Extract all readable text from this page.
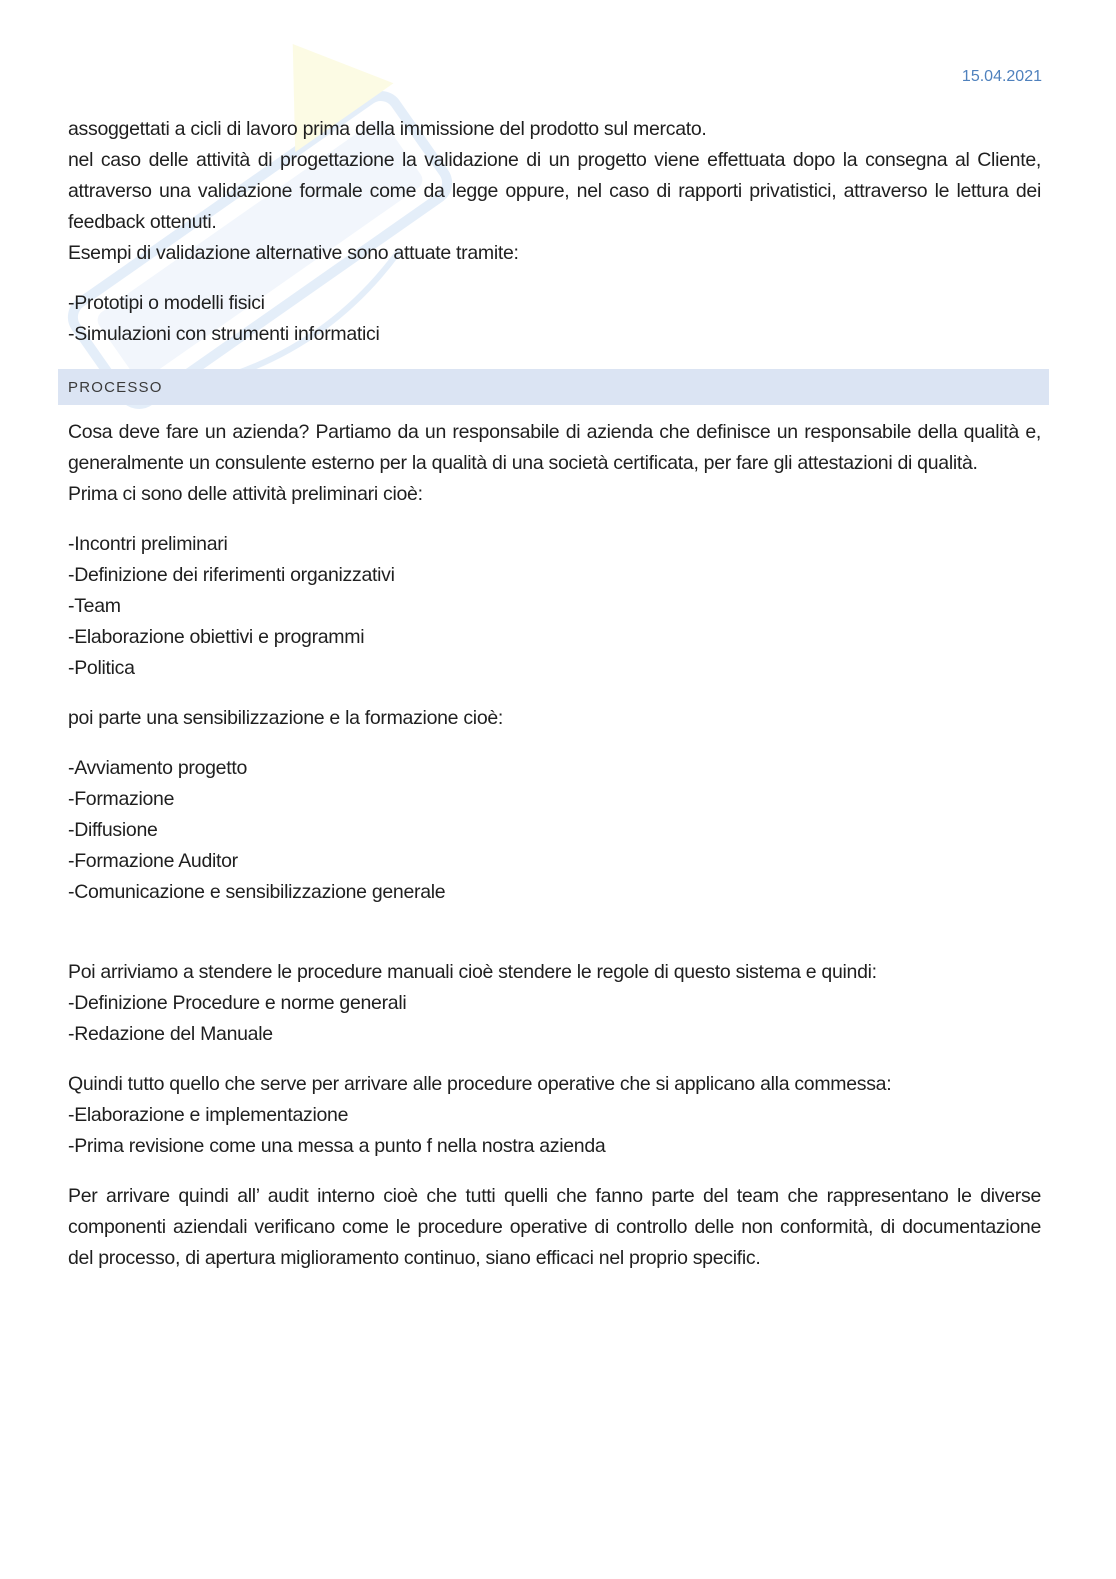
15.04.2021

assoggettati a cicli di lavoro prima della immissione del prodotto sul mercato.

nel caso delle attività di progettazione la validazione di un progetto viene effettuata dopo la consegna al Cliente, attraverso una validazione formale come da legge oppure, nel caso di rapporti privatistici, attraverso le lettura dei feedback ottenuti.

Esempi di validazione alternative sono attuate tramite:

-Prototipi o modelli fisici

-Simulazioni con strumenti informatici

PROCESSO

Cosa deve fare un azienda? Partiamo da un responsabile di azienda che definisce un responsabile della qualità e, generalmente un consulente esterno per la qualità di una società certificata, per fare gli attestazioni di qualità.

Prima ci sono delle attività preliminari cioè:

-Incontri preliminari

-Definizione dei riferimenti organizzativi

-Team

-Elaborazione obiettivi e programmi

-Politica

poi parte una sensibilizzazione e la formazione cioè:

-Avviamento progetto

-Formazione

-Diffusione

-Formazione Auditor

-Comunicazione e sensibilizzazione generale

Poi arriviamo a stendere le procedure manuali cioè stendere le regole di questo sistema e quindi:

-Definizione Procedure e norme generali

-Redazione del Manuale

Quindi tutto quello che serve per arrivare alle procedure operative che si applicano alla commessa:

-Elaborazione e implementazione

-Prima revisione come una messa a punto f nella nostra azienda

Per arrivare quindi all’ audit interno cioè che tutti quelli che fanno parte del team che rappresentano le diverse componenti aziendali verificano come le procedure operative di controllo delle non conformità, di documentazione del processo, di apertura miglioramento continuo, siano efficaci nel proprio specific.
